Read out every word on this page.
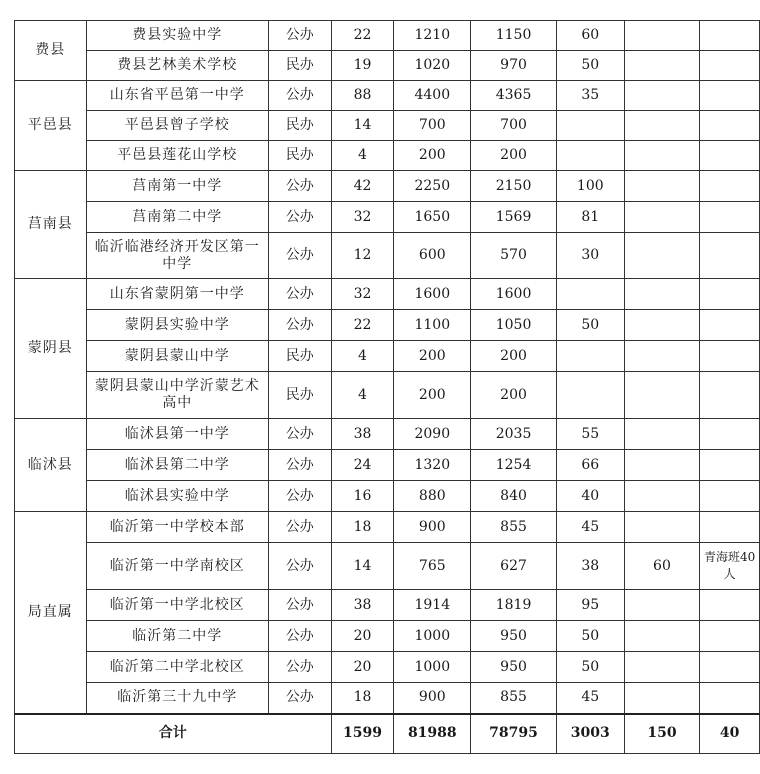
费县	费县实验中学	公办	22	1210	1150	60		
	费县艺林美术学校	民办	19	1020	970	50		
平邑县	山东省平邑第一中学	公办	88	4400	4365	35		
	平邑县曾子学校	民办	14	700	700			
	平邑县莲花山学校	民办	4	200	200			
莒南县	莒南第一中学	公办	42	2250	2150	100		
	莒南第二中学	公办	32	1650	1569	81		
	临沂临港经济开发区第一中学	公办	12	600	570	30		
蒙阴县	山东省蒙阴第一中学	公办	32	1600	1600			
	蒙阴县实验中学	公办	22	1100	1050	50		
	蒙阴县蒙山中学	民办	4	200	200			
	蒙阴县蒙山中学沂蒙艺术高中	民办	4	200	200			
临沭县	临沭县第一中学	公办	38	2090	2035	55		
	临沭县第二中学	公办	24	1320	1254	66		
	临沭县实验中学	公办	16	880	840	40		
局直属	临沂第一中学校本部	公办	18	900	855	45		
	临沂第一中学南校区	公办	14	765	627	38	60	青海班40人
	临沂第一中学北校区	公办	38	1914	1819	95		
	临沂第二中学	公办	20	1000	950	50		
	临沂第二中学北校区	公办	20	1000	950	50		
	临沂第三十九中学	公办	18	900	855	45		
合计			1599	81988	78795	3003	150	40
